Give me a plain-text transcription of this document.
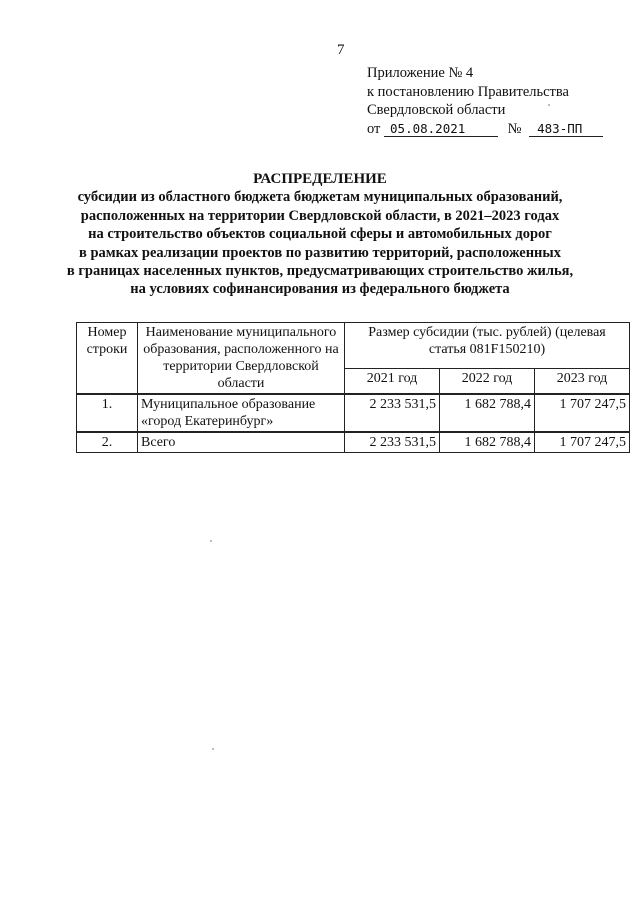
7
Приложение № 4
к постановлению Правительства
Свердловской области
от 05.08.2021	№ 483-ПП
РАСПРЕДЕЛЕНИЕ
субсидии из областного бюджета бюджетам муниципальных образований,
расположенных на территории Свердловской области, в 2021–2023 годах
на строительство объектов социальной сферы и автомобильных дорог
в рамках реализации проектов по развитию территорий, расположенных
в границах населенных пунктов, предусматривающих строительство жилья,
на условиях софинансирования из федерального бюджета
Номер строки	Наименование муниципального образования, расположенного на территории Свердловской области	Размер субсидии (тыс. рублей) (целевая статья 081F150210)		
		2021 год	2022 год	2023 год
1.	Муниципальное образование «город Екатеринбург»	2 233 531,5	1 682 788,4	1 707 247,5
2.	Всего	2 233 531,5	1 682 788,4	1 707 247,5
